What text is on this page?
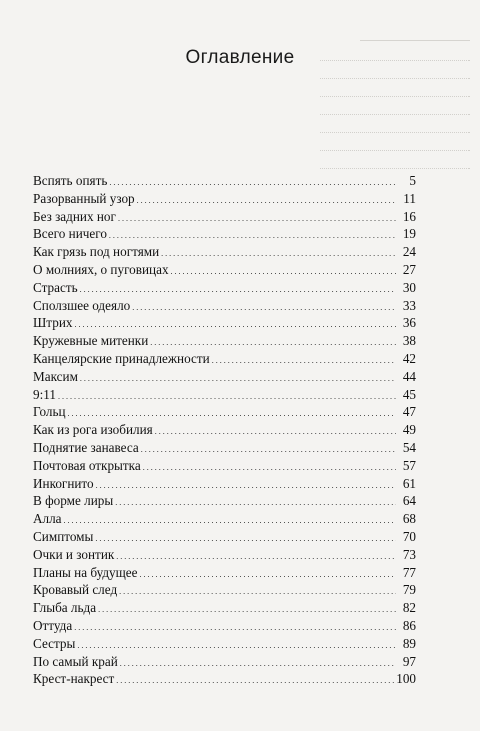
Оглавление
Вспять опять . . .	5
Разорванный узор . . .	11
Без задних ног . . .	16
Всего ничего . . .	19
Как грязь под ногтями . . .	24
О молниях, о пуговицах . . .	27
Страсть . . .	30
Сползшее одеяло . . .	33
Штрих . . .	36
Кружевные митенки . . .	38
Канцелярские принадлежности . . .	42
Максим . . .	44
9:11 . . .	45
Гольц . . .	47
Как из рога изобилия . . .	49
Поднятие занавеса . . .	54
Почтовая открытка . . .	57
Инкогнито . . .	61
В форме лиры . . .	64
Алла . . .	68
Симптомы . . .	70
Очки и зонтик . . .	73
Планы на будущее . . .	77
Кровавый след . . .	79
Глыба льда . . .	82
Оттуда . . .	86
Сестры . . .	89
По самый край . . .	97
Крест-накрест . . .	100
